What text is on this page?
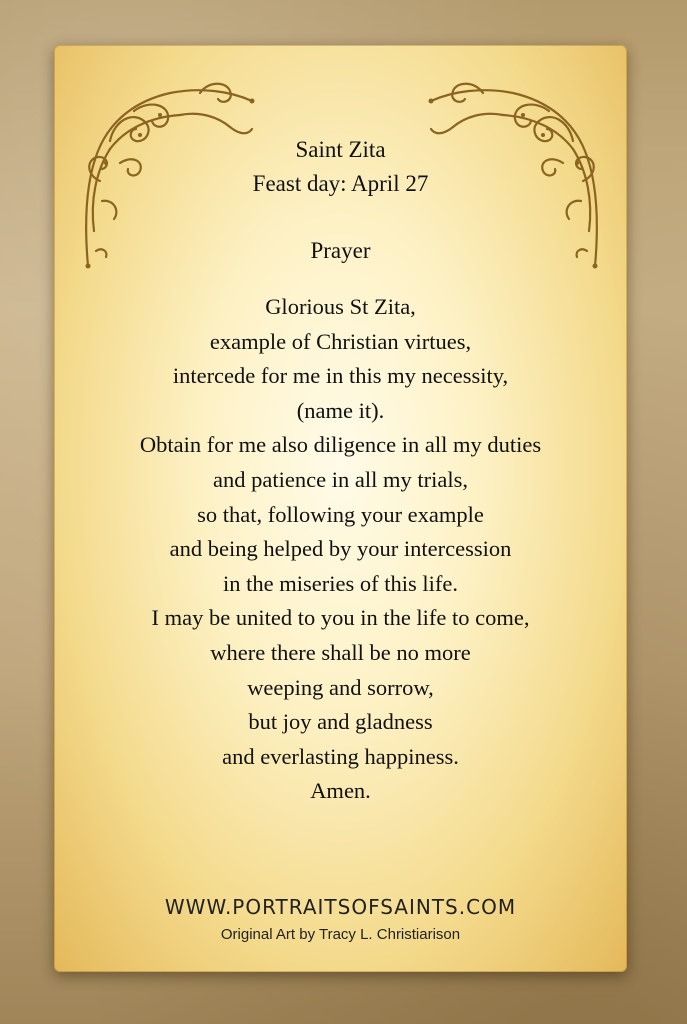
Saint Zita
Feast day: April 27
Prayer
Glorious St Zita,
example of Christian virtues,
intercede for me in this my necessity,
(name it).
Obtain for me also diligence in all my duties
and patience in all my trials,
so that, following your example
and being helped by your intercession
in the miseries of this life.
I may be united to you in the life to come,
where there shall be no more
weeping and sorrow,
but joy and gladness
and everlasting happiness.
Amen.
WWW.PORTRAITSOFSAINTS.COM
Original Art by Tracy L. Christiarison
